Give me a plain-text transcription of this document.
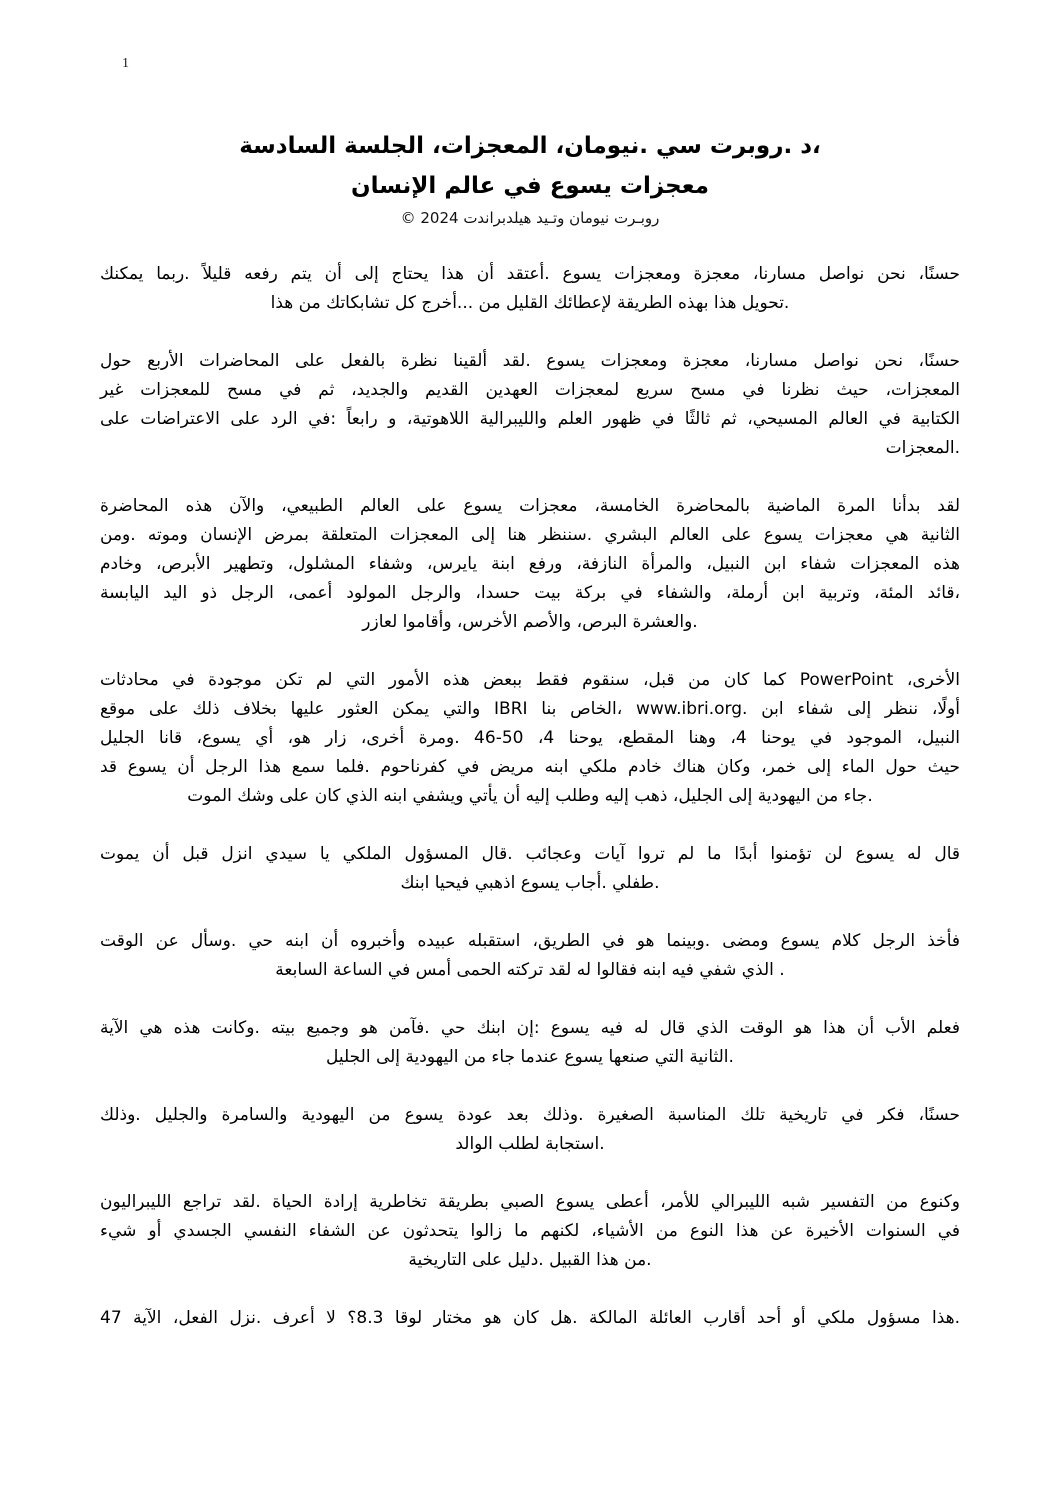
1
،د .روبرت سي .نيومان، المعجزات، الجلسة السادسة
معجزات يسوع في عالم الإنسان
روبـرت نيومان وتـيد هيلدبراندت 2024 ©
حسنًا، نحن نواصل مسارنا، معجزة ومعجزات يسوع .أعتقد أن هذا يحتاج إلى أن يتم رفعه قليلاً .ربما يمكنك
.تحويل هذا بهذه الطريقة لإعطائك القليل من ...أخرج كل تشابكاتك من هذا
حسنًا، نحن نواصل مسارنا، معجزة ومعجزات يسوع .لقد ألقينا نظرة بالفعل على المحاضرات الأربع حول
المعجزات، حيث نظرنا في مسح سريع لمعجزات العهدين القديم والجديد، ثم في مسح للمعجزات غير
الكتابية في العالم المسيحي، ثم ثالثًا في ظهور العلم والليبرالية اللاهوتية، و رابعاً :في الرد على الاعتراضات على
.المعجزات
لقد بدأنا المرة الماضية بالمحاضرة الخامسة، معجزات يسوع على العالم الطبيعي، والآن هذه المحاضرة
الثانية هي معجزات يسوع على العالم البشري .سننظر هنا إلى المعجزات المتعلقة بمرض الإنسان وموته .ومن
هذه المعجزات شفاء ابن النبيل، والمرأة النازفة، ورفع ابنة يايرس، وشفاء المشلول، وتطهير الأبرص، وخادم
،قائد المئة، وتربية ابن أرملة، والشفاء في بركة بيت حسدا، والرجل المولود أعمى، الرجل ذو اليد اليابسة
.والعشرة البرص، والأصم الأخرس، وأقاموا لعازر
الأخرى، PowerPoint كما كان من قبل، سنقوم فقط ببعض هذه الأمور التي لم تكن موجودة في محادثات
أولًا، ننظر إلى شفاء ابن .www.ibri.org ،الخاص بنا IBRI والتي يمكن العثور عليها بخلاف ذلك على موقع
النبيل، الموجود في يوحنا 4، وهنا المقطع، يوحنا 4، 50-46 .ومرة أخرى، زار هو، أي يسوع، قانا الجليل
حيث حول الماء إلى خمر، وكان هناك خادم ملكي ابنه مريض في كفرناحوم .فلما سمع هذا الرجل أن يسوع قد
.جاء من اليهودية إلى الجليل، ذهب إليه وطلب إليه أن يأتي ويشفي ابنه الذي كان على وشك الموت
قال له يسوع لن تؤمنوا أبدًا ما لم تروا آيات وعجائب .قال المسؤول الملكي يا سيدي انزل قبل أن يموت
.طفلي .أجاب يسوع اذهبي فيحيا ابنك
فأخذ الرجل كلام يسوع ومضى .وبينما هو في الطريق، استقبله عبيده وأخبروه أن ابنه حي .وسأل عن الوقت
. الذي شفي فيه ابنه فقالوا له لقد تركته الحمى أمس في الساعة السابعة
فعلم الأب أن هذا هو الوقت الذي قال له فيه يسوع :إن ابنك حي .فآمن هو وجميع بيته .وكانت هذه هي الآية
.الثانية التي صنعها يسوع عندما جاء من اليهودية إلى الجليل
حسنًا، فكر في تاريخية تلك المناسبة الصغيرة .وذلك بعد عودة يسوع من اليهودية والسامرة والجليل .وذلك
.استجابة لطلب الوالد
وكنوع من التفسير شبه الليبرالي للأمر، أعطى يسوع الصبي بطريقة تخاطرية إرادة الحياة .لقد تراجع الليبراليون
في السنوات الأخيرة عن هذا النوع من الأشياء، لكنهم ما زالوا يتحدثون عن الشفاء النفسي الجسدي أو شيء
.من هذا القبيل .دليل على التاريخية
.هذا مسؤول ملكي أو أحد أقارب العائلة المالكة .هل كان هو مختار لوقا 8.3؟ لا أعرف .نزل الفعل، الآية 47
